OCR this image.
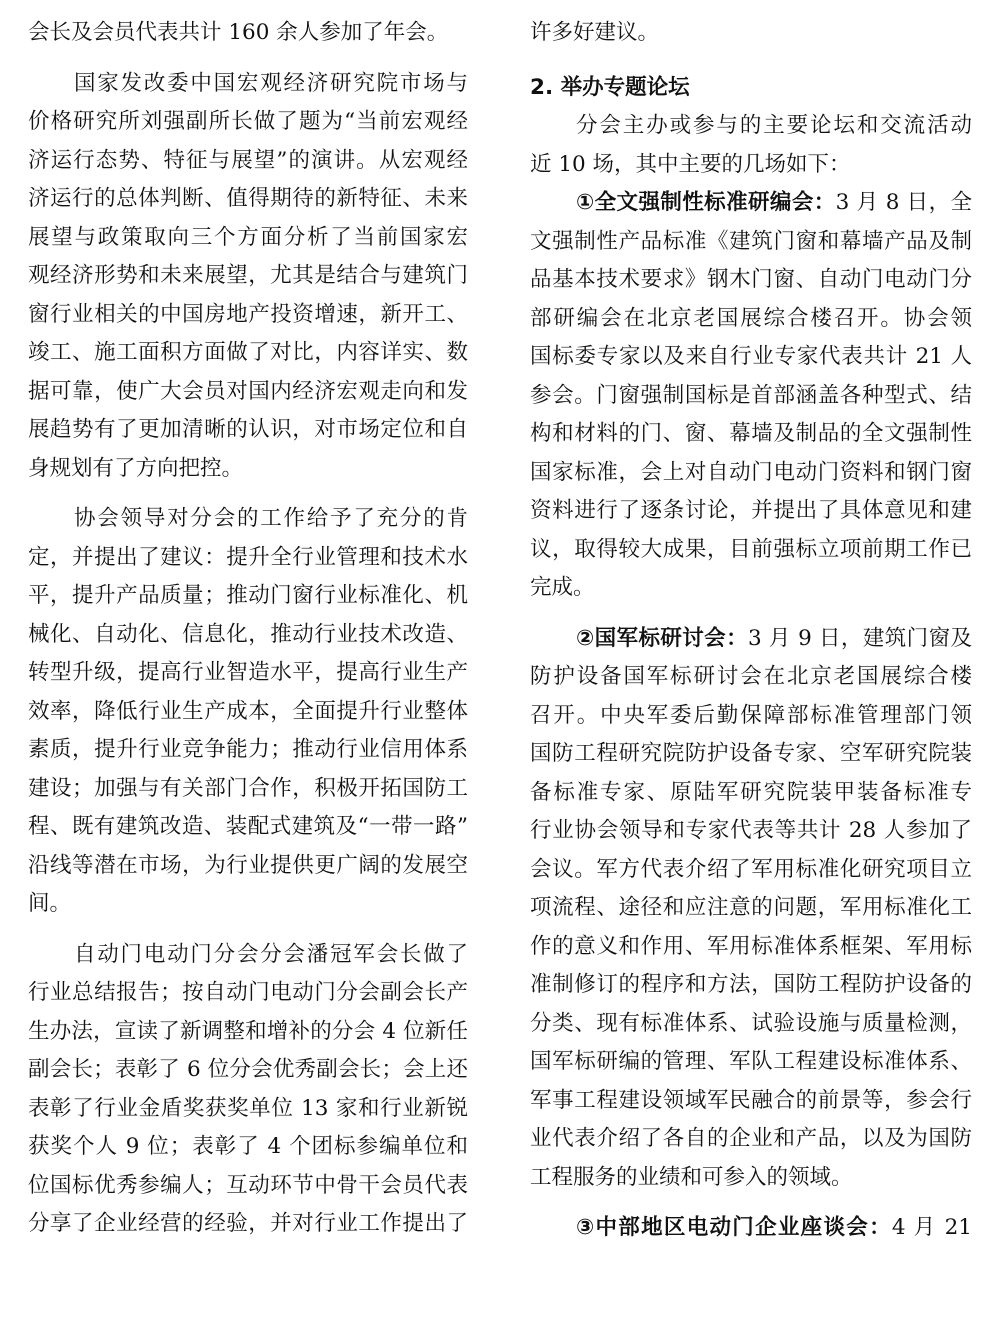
会长及会员代表共计 160 余人参加了年会。
国家发改委中国宏观经济研究院市场与
价格研究所刘强副所长做了题为“当前宏观经
济运行态势、特征与展望”的演讲。从宏观经
济运行的总体判断、值得期待的新特征、未来
展望与政策取向三个方面分析了当前国家宏
观经济形势和未来展望，尤其是结合与建筑门
窗行业相关的中国房地产投资增速，新开工、
竣工、施工面积方面做了对比，内容详实、数
据可靠，使广大会员对国内经济宏观走向和发
展趋势有了更加清晰的认识，对市场定位和自
身规划有了方向把控。
协会领导对分会的工作给予了充分的肯
定，并提出了建议：提升全行业管理和技术水
平，提升产品质量；推动门窗行业标准化、机
械化、自动化、信息化，推动行业技术改造、
转型升级，提高行业智造水平，提高行业生产
效率，降低行业生产成本，全面提升行业整体
素质，提升行业竞争能力；推动行业信用体系
建设；加强与有关部门合作，积极开拓国防工
程、既有建筑改造、装配式建筑及“一带一路”
沿线等潜在市场，为行业提供更广阔的发展空
间。
自动门电动门分会分会潘冠军会长做了
行业总结报告；按自动门电动门分会副会长产
生办法，宣读了新调整和增补的分会 4 位新任
副会长；表彰了 6 位分会优秀副会长；会上还
表彰了行业金盾奖获奖单位 13 家和行业新锐
获奖个人 9 位；表彰了 4 个团标参编单位和
位国标优秀参编人；互动环节中骨干会员代表
分享了企业经营的经验，并对行业工作提出了
许多好建议。
2. 举办专题论坛
分会主办或参与的主要论坛和交流活动
近 10 场，其中主要的几场如下：
①全文强制性标准研编会：3 月 8 日，全
文强制性产品标准《建筑门窗和幕墙产品及制
品基本技术要求》钢木门窗、自动门电动门分
部研编会在北京老国展综合楼召开。协会领
国标委专家以及来自行业专家代表共计 21 人
参会。门窗强制国标是首部涵盖各种型式、结
构和材料的门、窗、幕墙及制品的全文强制性
国家标准，会上对自动门电动门资料和钢门窗
资料进行了逐条讨论，并提出了具体意见和建
议，取得较大成果，目前强标立项前期工作已
完成。
②国军标研讨会：3 月 9 日，建筑门窗及
防护设备国军标研讨会在北京老国展综合楼
召开。中央军委后勤保障部标准管理部门领
国防工程研究院防护设备专家、空军研究院装
备标准专家、原陆军研究院装甲装备标准专
行业协会领导和专家代表等共计 28 人参加了
会议。军方代表介绍了军用标准化研究项目立
项流程、途径和应注意的问题，军用标准化工
作的意义和作用、军用标准体系框架、军用标
准制修订的程序和方法，国防工程防护设备的
分类、现有标准体系、试验设施与质量检测，
国军标研编的管理、军队工程建设标准体系、
军事工程建设领域军民融合的前景等，参会行
业代表介绍了各自的企业和产品，以及为国防
工程服务的业绩和可参入的领域。
③中部地区电动门企业座谈会：4 月 21
